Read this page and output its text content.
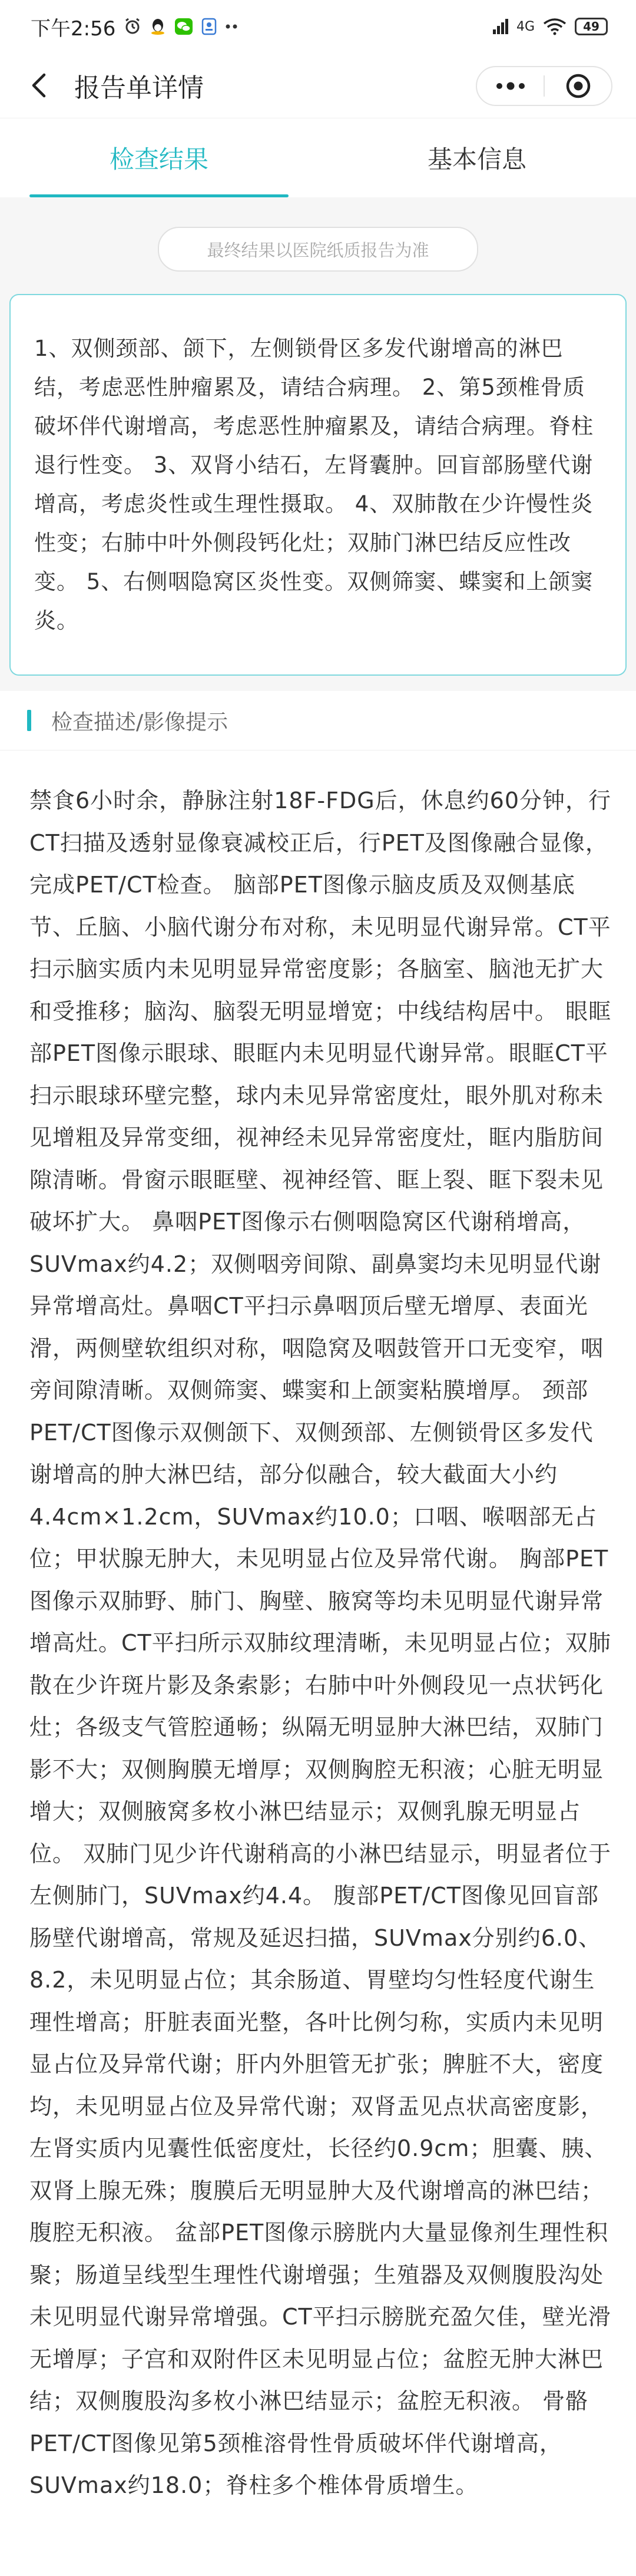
下午2:56	4G	49
报告单详情
检查结果	基本信息
最终结果以医院纸质报告为准
1、双侧颈部、颌下，左侧锁骨区多发代谢增高的淋巴结，考虑恶性肿瘤累及，请结合病理。 2、第5颈椎骨质破坏伴代谢增高，考虑恶性肿瘤累及，请结合病理。脊柱退行性变。 3、双肾小结石，左肾囊肿。回盲部肠壁代谢增高，考虑炎性或生理性摄取。 4、双肺散在少许慢性炎性变；右肺中叶外侧段钙化灶；双肺门淋巴结反应性改变。 5、右侧咽隐窝区炎性变。双侧筛窦、蝶窦和上颌窦炎。
检查描述/影像提示
禁食6小时余，静脉注射18F-FDG后，休息约60分钟，行CT扫描及透射显像衰减校正后，行PET及图像融合显像，完成PET/CT检查。 脑部PET图像示脑皮质及双侧基底节、丘脑、小脑代谢分布对称，未见明显代谢异常。CT平扫示脑实质内未见明显异常密度影；各脑室、脑池无扩大和受推移；脑沟、脑裂无明显增宽；中线结构居中。 眼眶部PET图像示眼球、眼眶内未见明显代谢异常。眼眶CT平扫示眼球环壁完整，球内未见异常密度灶，眼外肌对称未见增粗及异常变细，视神经未见异常密度灶，眶内脂肪间隙清晰。骨窗示眼眶壁、视神经管、眶上裂、眶下裂未见破坏扩大。 鼻咽PET图像示右侧咽隐窝区代谢稍增高，SUVmax约4.2；双侧咽旁间隙、副鼻窦均未见明显代谢异常增高灶。鼻咽CT平扫示鼻咽顶后壁无增厚、表面光滑，两侧壁软组织对称，咽隐窝及咽鼓管开口无变窄，咽旁间隙清晰。双侧筛窦、蝶窦和上颌窦粘膜增厚。 颈部PET/CT图像示双侧颌下、双侧颈部、左侧锁骨区多发代谢增高的肿大淋巴结，部分似融合，较大截面大小约4.4cm×1.2cm，SUVmax约10.0；口咽、喉咽部无占位；甲状腺无肿大，未见明显占位及异常代谢。 胸部PET图像示双肺野、肺门、胸壁、腋窝等均未见明显代谢异常增高灶。CT平扫所示双肺纹理清晰，未见明显占位；双肺散在少许斑片影及条索影；右肺中叶外侧段见一点状钙化灶；各级支气管腔通畅；纵隔无明显肿大淋巴结，双肺门影不大；双侧胸膜无增厚；双侧胸腔无积液；心脏无明显增大；双侧腋窝多枚小淋巴结显示；双侧乳腺无明显占位。 双肺门见少许代谢稍高的小淋巴结显示，明显者位于左侧肺门，SUVmax约4.4。 腹部PET/CT图像见回盲部肠壁代谢增高，常规及延迟扫描，SUVmax分别约6.0、8.2，未见明显占位；其余肠道、胃壁均匀性轻度代谢生理性增高；肝脏表面光整，各叶比例匀称，实质内未见明显占位及异常代谢；肝内外胆管无扩张；脾脏不大，密度均，未见明显占位及异常代谢；双肾盂见点状高密度影，左肾实质内见囊性低密度灶，长径约0.9cm；胆囊、胰、双肾上腺无殊；腹膜后无明显肿大及代谢增高的淋巴结；腹腔无积液。 盆部PET图像示膀胱内大量显像剂生理性积聚；肠道呈线型生理性代谢增强；生殖器及双侧腹股沟处未见明显代谢异常增强。CT平扫示膀胱充盈欠佳，壁光滑无增厚；子宫和双附件区未见明显占位；盆腔无肿大淋巴结；双侧腹股沟多枚小淋巴结显示；盆腔无积液。 骨骼PET/CT图像见第5颈椎溶骨性骨质破坏伴代谢增高，SUVmax约18.0；脊柱多个椎体骨质增生。
